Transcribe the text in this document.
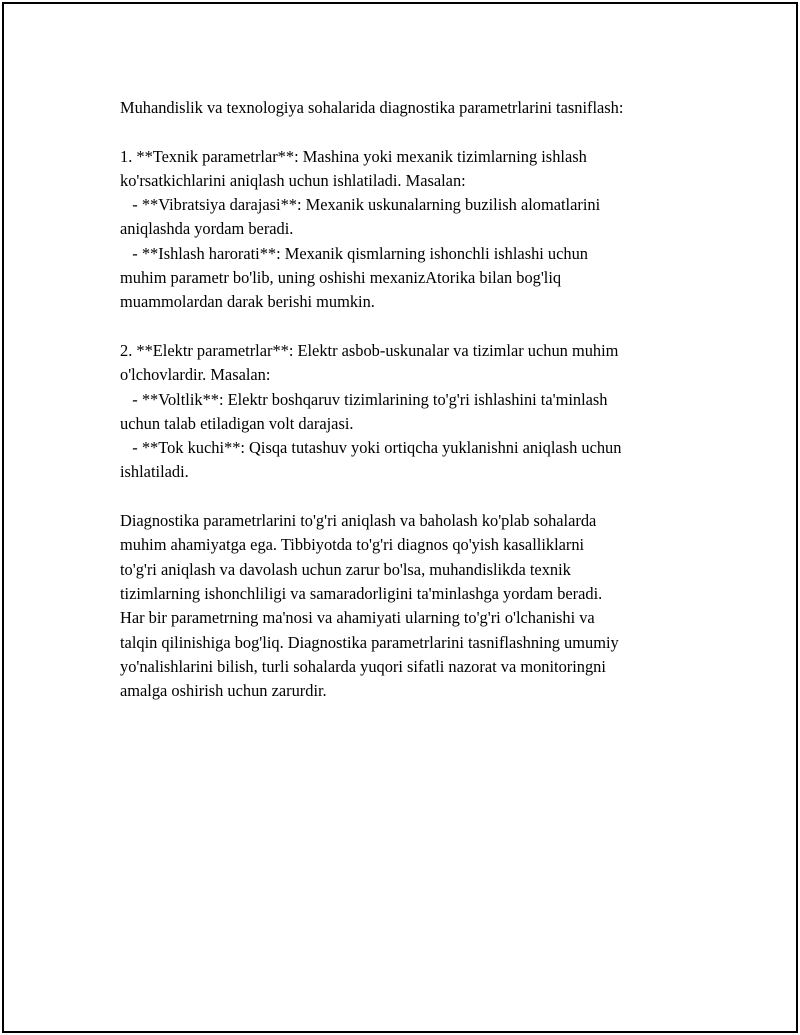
Muhandislik va texnologiya sohalarida diagnostika parametrlarini tasniflash:
1. **Texnik parametrlar**: Mashina yoki mexanik tizimlarning ishlash
ko'rsatkichlarini aniqlash uchun ishlatiladi. Masalan:
- **Vibratsiya darajasi**: Mexanik uskunalarning buzilish alomatlarini
aniqlashda yordam beradi.
- **Ishlash harorati**: Mexanik qismlarning ishonchli ishlashi uchun
muhim parametr bo'lib, uning oshishi mexanizAtorika bilan bog'liq
muammolardan darak berishi mumkin.
2. **Elektr parametrlar**: Elektr asbob-uskunalar va tizimlar uchun muhim
o'lchovlardir. Masalan:
- **Voltlik**: Elektr boshqaruv tizimlarining to'g'ri ishlashini ta'minlash
uchun talab etiladigan volt darajasi.
- **Tok kuchi**: Qisqa tutashuv yoki ortiqcha yuklanishni aniqlash uchun
ishlatiladi.
Diagnostika parametrlarini to'g'ri aniqlash va baholash ko'plab sohalarda
muhim ahamiyatga ega. Tibbiyotda to'g'ri diagnos qo'yish kasalliklarni
to'g'ri aniqlash va davolash uchun zarur bo'lsa, muhandislikda texnik
tizimlarning ishonchliligi va samaradorligini ta'minlashga yordam beradi.
Har bir parametrning ma'nosi va ahamiyati ularning to'g'ri o'lchanishi va
talqin qilinishiga bog'liq. Diagnostika parametrlarini tasniflashning umumiy
yo'nalishlarini bilish, turli sohalarda yuqori sifatli nazorat va monitoringni
amalga oshirish uchun zarurdir.
